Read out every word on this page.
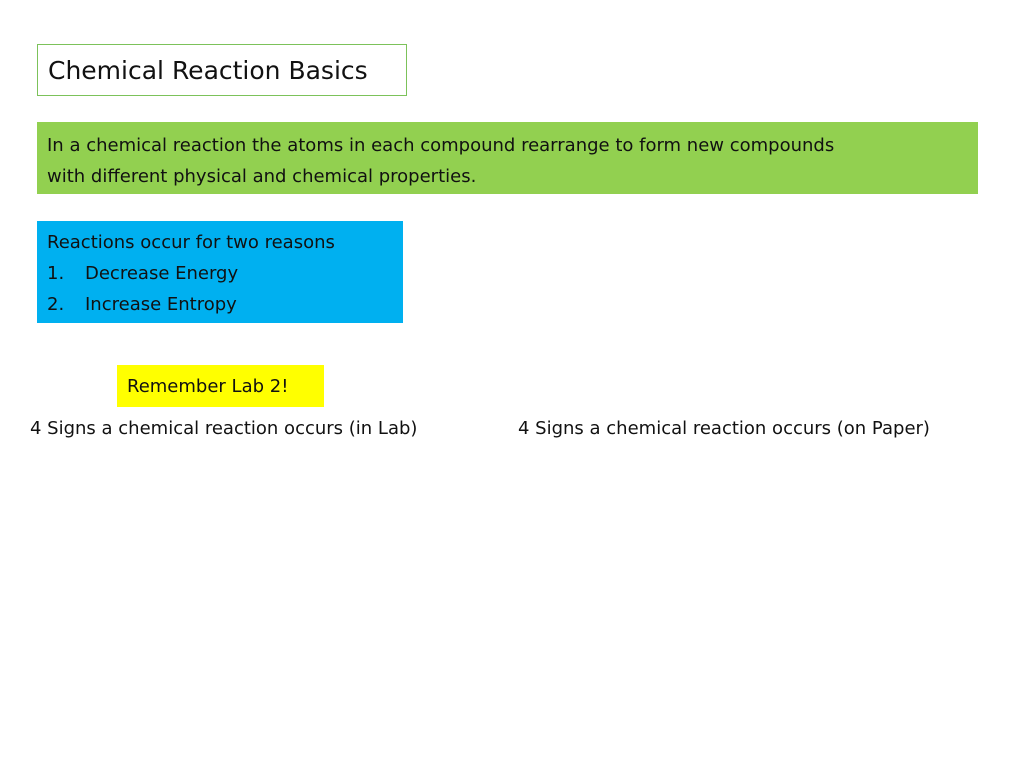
Chemical Reaction Basics
In a chemical reaction the atoms in each compound rearrange to form new compounds
with different physical and chemical properties.
Reactions occur for two reasons
1.	Decrease Energy
2.	Increase Entropy
Remember Lab 2!
4 Signs a chemical reaction occurs (in Lab)	4 Signs a chemical reaction occurs (on Paper)
